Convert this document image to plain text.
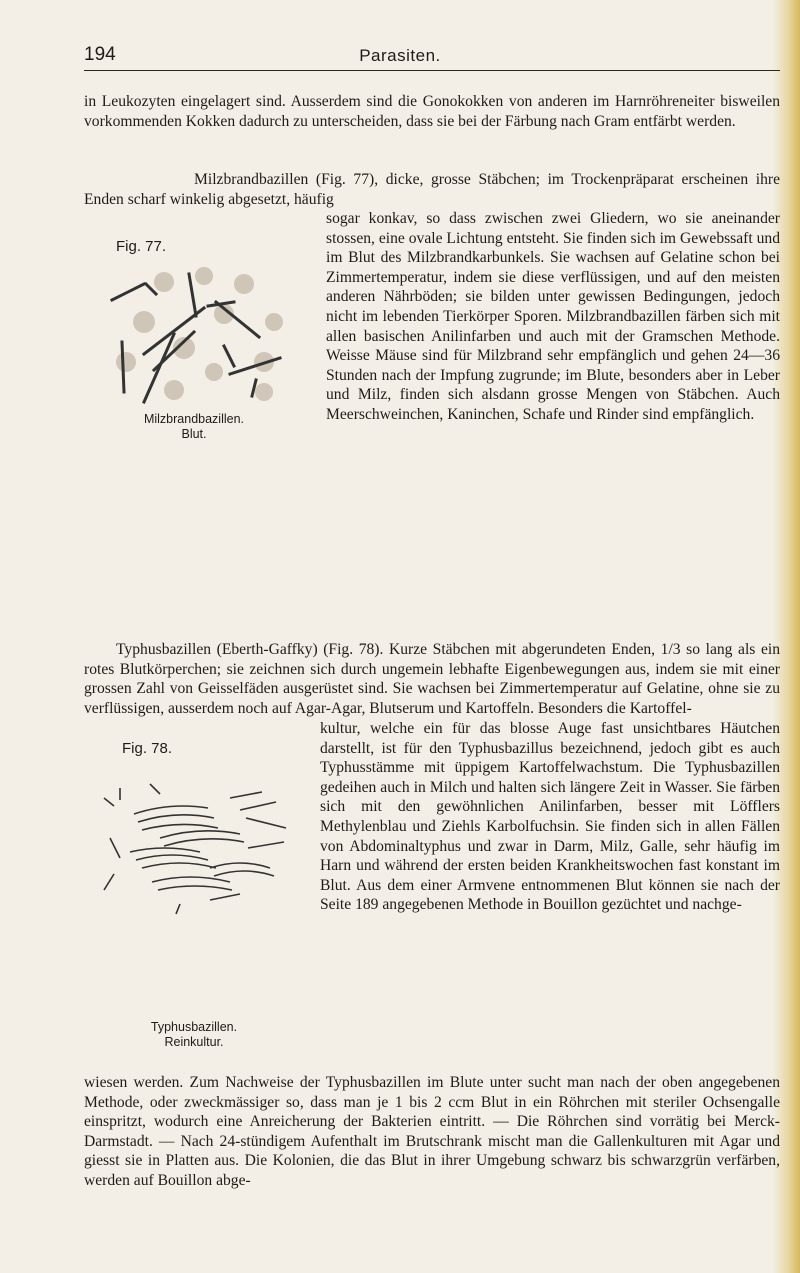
194	Parasiten.
in Leukozyten eingelagert sind. Ausserdem sind die Gonokokken von anderen im Harnröhreneiter bisweilen vorkommenden Kokken dadurch zu unterscheiden, dass sie bei der Färbung nach Gram entfärbt werden.
Milzbrandbazillen (Fig. 77), dicke, grosse Stäbchen; im Trockenpräparat erscheinen ihre Enden scharf winkelig abgesetzt, häufig
Fig. 77.
Milzbrandbazillen.
Blut.
sogar konkav, so dass zwischen zwei Gliedern, wo sie aneinander stossen, eine ovale Lichtung entsteht. Sie finden sich im Gewebssaft und im Blut des Milzbrandkarbunkels. Sie wachsen auf Gelatine schon bei Zimmertemperatur, indem sie diese verflüssigen, und auf den meisten anderen Nährböden; sie bilden unter gewissen Bedingungen, jedoch nicht im lebenden Tierkörper Sporen. Milzbrandbazillen färben sich mit allen basischen Anilinfarben und auch mit der Gramschen Methode. Weisse Mäuse sind für Milzbrand sehr empfänglich und gehen 24—36 Stunden nach der Impfung zugrunde; im Blute, besonders aber in Leber und Milz, finden sich alsdann grosse Mengen von Stäbchen. Auch Meerschweinchen, Kaninchen, Schafe und Rinder sind empfänglich.
Typhusbazillen (Eberth-Gaffky) (Fig. 78). Kurze Stäbchen mit abgerundeten Enden, 1/3 so lang als ein rotes Blutkörperchen; sie zeichnen sich durch ungemein lebhafte Eigenbewegungen aus, indem sie mit einer grossen Zahl von Geisselfäden ausgerüstet sind. Sie wachsen bei Zimmertemperatur auf Gelatine, ohne sie zu verflüssigen, ausserdem noch auf Agar-Agar, Blutserum und Kartoffeln. Besonders die Kartoffel-
Fig. 78.
Typhusbazillen.
Reinkultur.
kultur, welche ein für das blosse Auge fast unsichtbares Häutchen darstellt, ist für den Typhusbazillus bezeichnend, jedoch gibt es auch Typhusstämme mit üppigem Kartoffelwachstum. Die Typhusbazillen gedeihen auch in Milch und halten sich längere Zeit in Wasser. Sie färben sich mit den gewöhnlichen Anilinfarben, besser mit Löfflers Methylenblau und Ziehls Karbolfuchsin. Sie finden sich in allen Fällen von Abdominaltyphus und zwar in Darm, Milz, Galle, sehr häufig im Harn und während der ersten beiden Krankheitswochen fast konstant im Blut. Aus dem einer Armvene entnommenen Blut können sie nach der Seite 189 angegebenen Methode in Bouillon gezüchtet und nachge-
wiesen werden. Zum Nachweise der Typhusbazillen im Blute unter sucht man nach der oben angegebenen Methode, oder zweckmässiger so, dass man je 1 bis 2 ccm Blut in ein Röhrchen mit steriler Ochsengalle einspritzt, wodurch eine Anreicherung der Bakterien eintritt. — Die Röhrchen sind vorrätig bei Merck-Darmstadt. — Nach 24-stündigem Aufenthalt im Brutschrank mischt man die Gallenkulturen mit Agar und giesst sie in Platten aus. Die Kolonien, die das Blut in ihrer Umgebung schwarz bis schwarzgrün verfärben, werden auf Bouillon abge-
